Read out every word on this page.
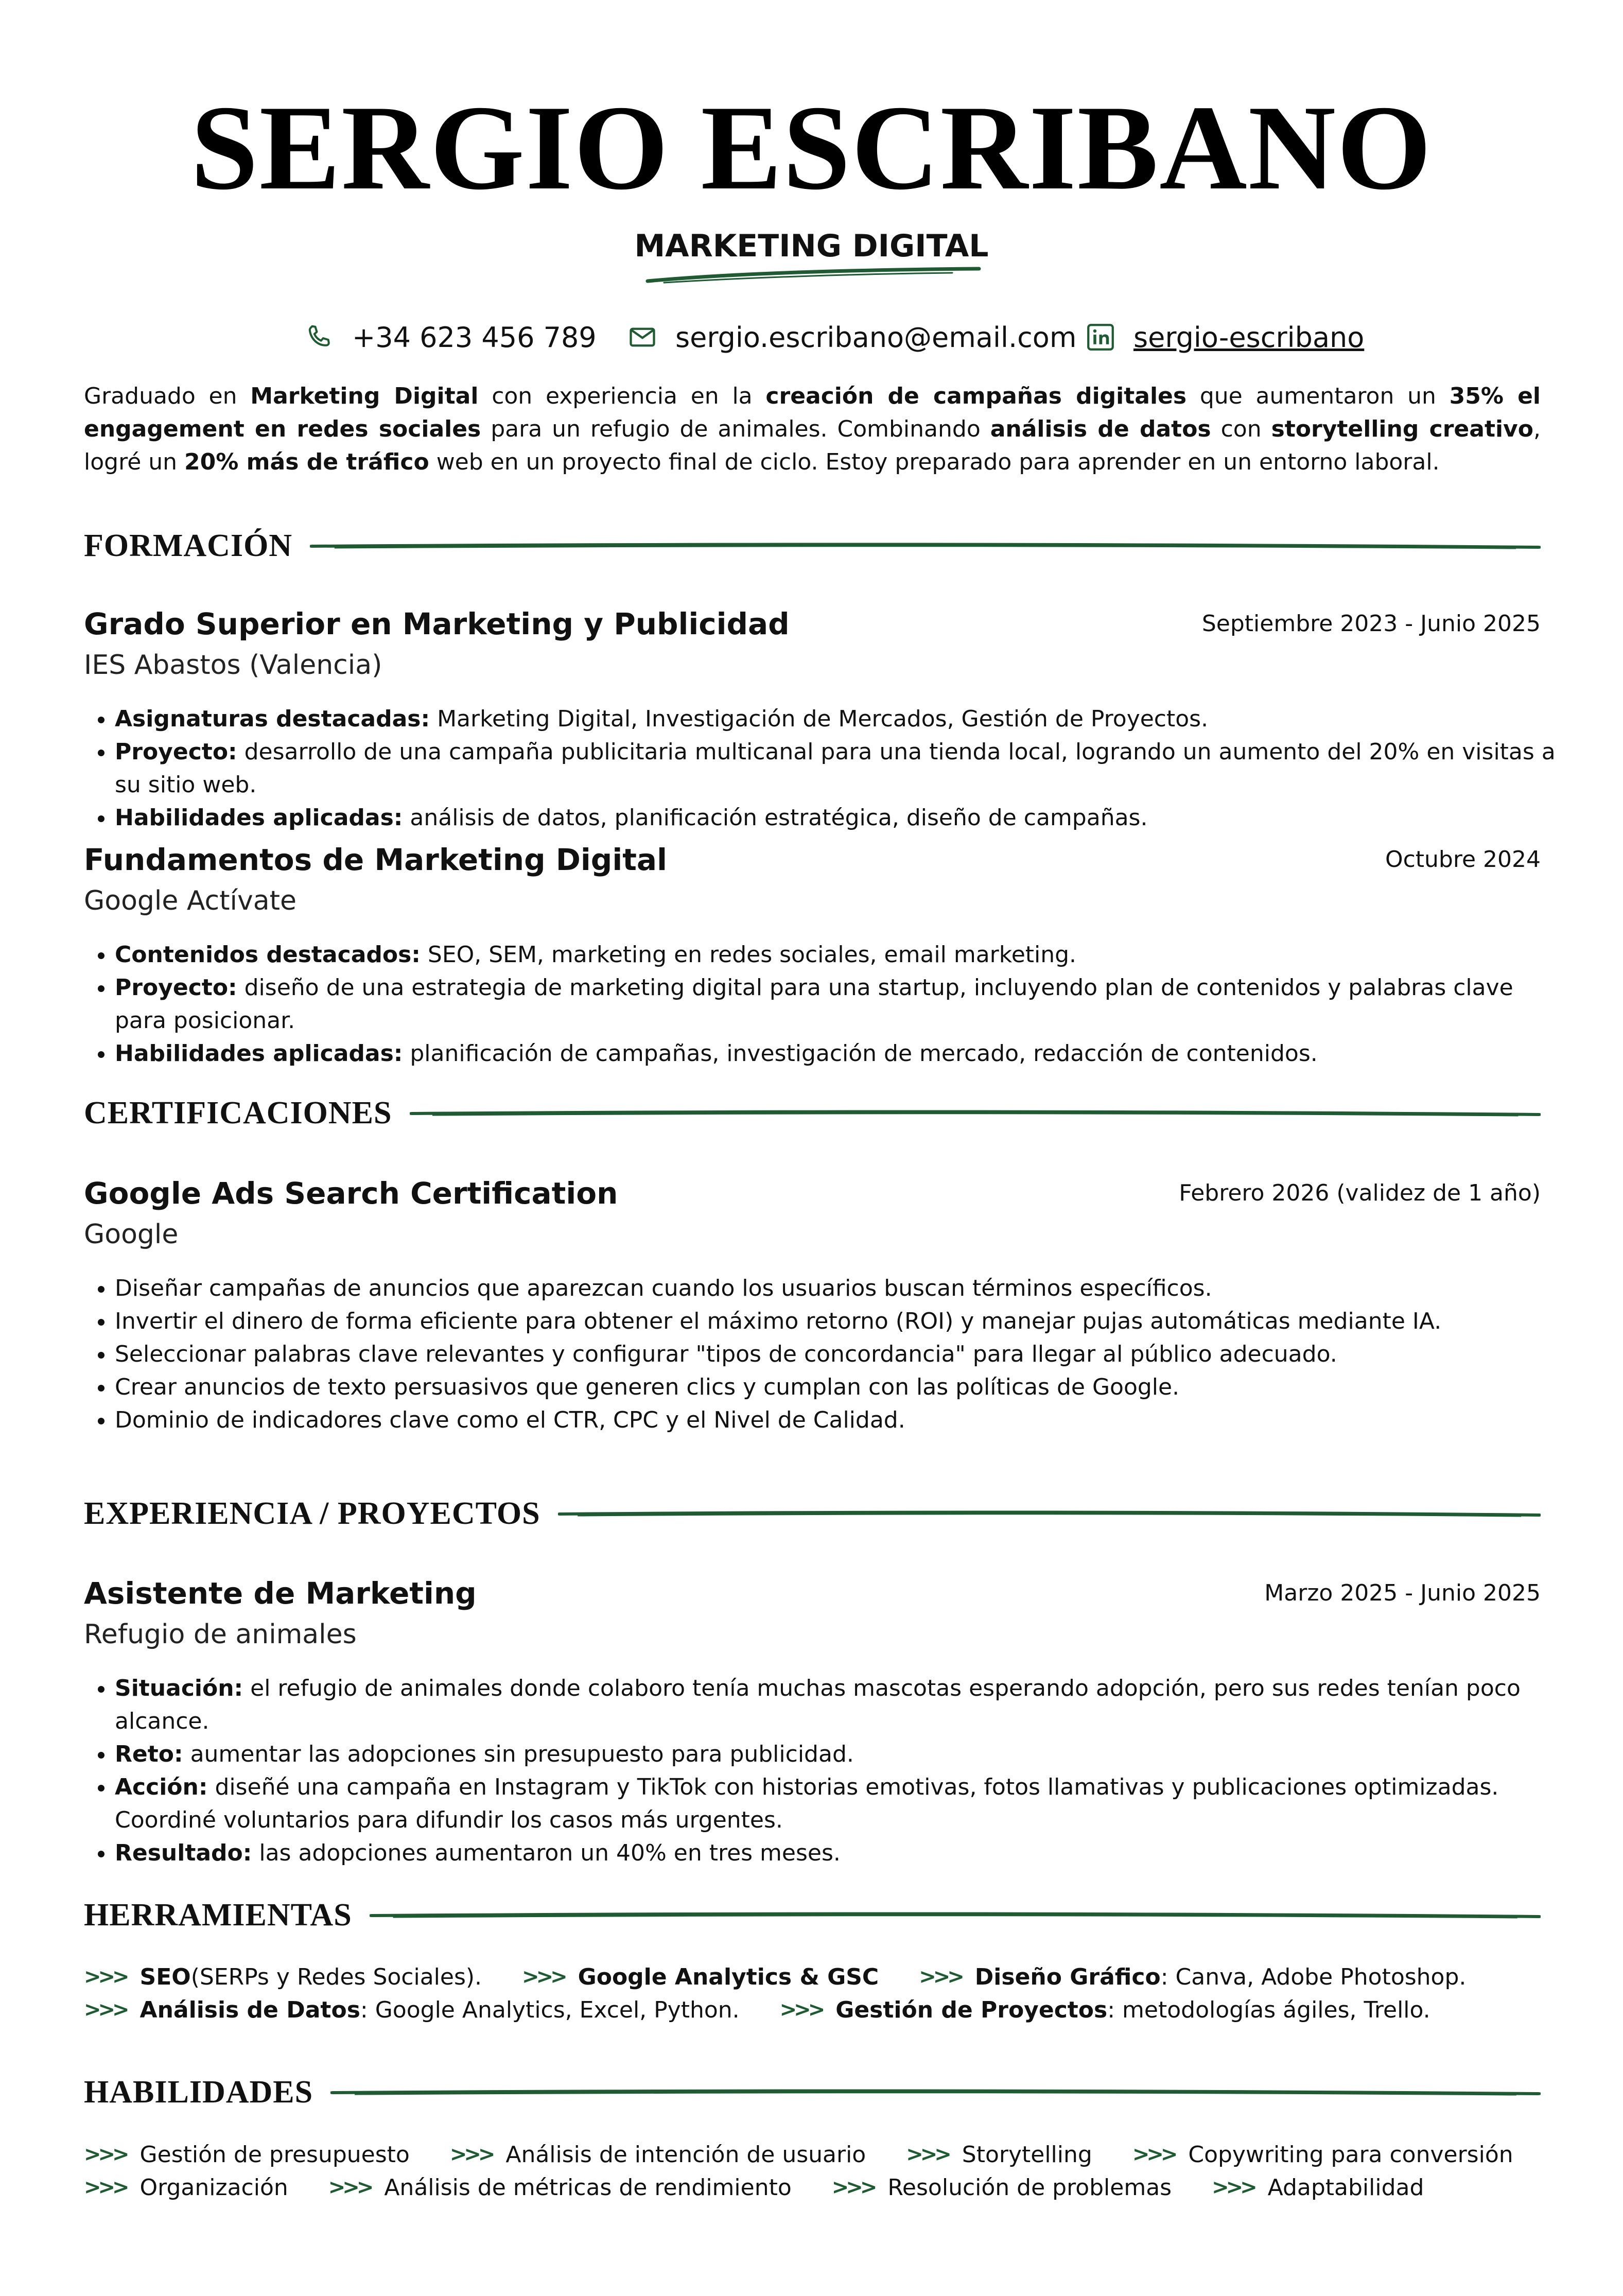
SERGIO ESCRIBANO
MARKETING DIGITAL
+34 623 456 789	sergio.escribano@email.com sergio-escribano
Graduado en Marketing Digital con experiencia en la creación de campañas digitales que aumentaron un 35% el engagement en redes sociales para un refugio de animales. Combinando análisis de datos con storytelling creativo, logré un 20% más de tráfico web en un proyecto final de ciclo. Estoy preparado para aprender en un entorno laboral.
FORMACIÓN
Grado Superior en Marketing y Publicidad	Septiembre 2023 - Junio 2025
IES Abastos (Valencia)
• Asignaturas destacadas: Marketing Digital, Investigación de Mercados, Gestión de Proyectos.
• Proyecto: desarrollo de una campaña publicitaria multicanal para una tienda local, logrando un aumento del 20% en visitas a su sitio web.
• Habilidades aplicadas: análisis de datos, planificación estratégica, diseño de campañas.
Fundamentos de Marketing Digital	Octubre 2024
Google Actívate
• Contenidos destacados: SEO, SEM, marketing en redes sociales, email marketing.
• Proyecto: diseño de una estrategia de marketing digital para una startup, incluyendo plan de contenidos y palabras clave para posicionar.
• Habilidades aplicadas: planificación de campañas, investigación de mercado, redacción de contenidos.
CERTIFICACIONES
Google Ads Search Certification	Febrero 2026 (validez de 1 año)
Google
• Diseñar campañas de anuncios que aparezcan cuando los usuarios buscan términos específicos.
• Invertir el dinero de forma eficiente para obtener el máximo retorno (ROI) y manejar pujas automáticas mediante IA.
• Seleccionar palabras clave relevantes y configurar "tipos de concordancia" para llegar al público adecuado.
• Crear anuncios de texto persuasivos que generen clics y cumplan con las políticas de Google.
• Dominio de indicadores clave como el CTR, CPC y el Nivel de Calidad.
EXPERIENCIA / PROYECTOS
Asistente de Marketing	Marzo 2025 - Junio 2025
Refugio de animales
• Situación: el refugio de animales donde colaboro tenía muchas mascotas esperando adopción, pero sus redes tenían poco alcance.
• Reto: aumentar las adopciones sin presupuesto para publicidad.
• Acción: diseñé una campaña en Instagram y TikTok con historias emotivas, fotos llamativas y publicaciones optimizadas. Coordiné voluntarios para difundir los casos más urgentes.
• Resultado: las adopciones aumentaron un 40% en tres meses.
HERRAMIENTAS
>>> SEO (SERPs y Redes Sociales). >>> Google Analytics & GSC >>> Diseño Gráfico : Canva, Adobe Photoshop.
>>> Análisis de Datos : Google Analytics, Excel, Python. >>> Gestión de Proyectos : metodologías ágiles, Trello.
HABILIDADES
>>> Gestión de presupuesto >>> Análisis de intención de usuario >>> Storytelling >>> Copywriting para conversión
>>> Organización >>> Análisis de métricas de rendimiento >>> Resolución de problemas >>> Adaptabilidad
